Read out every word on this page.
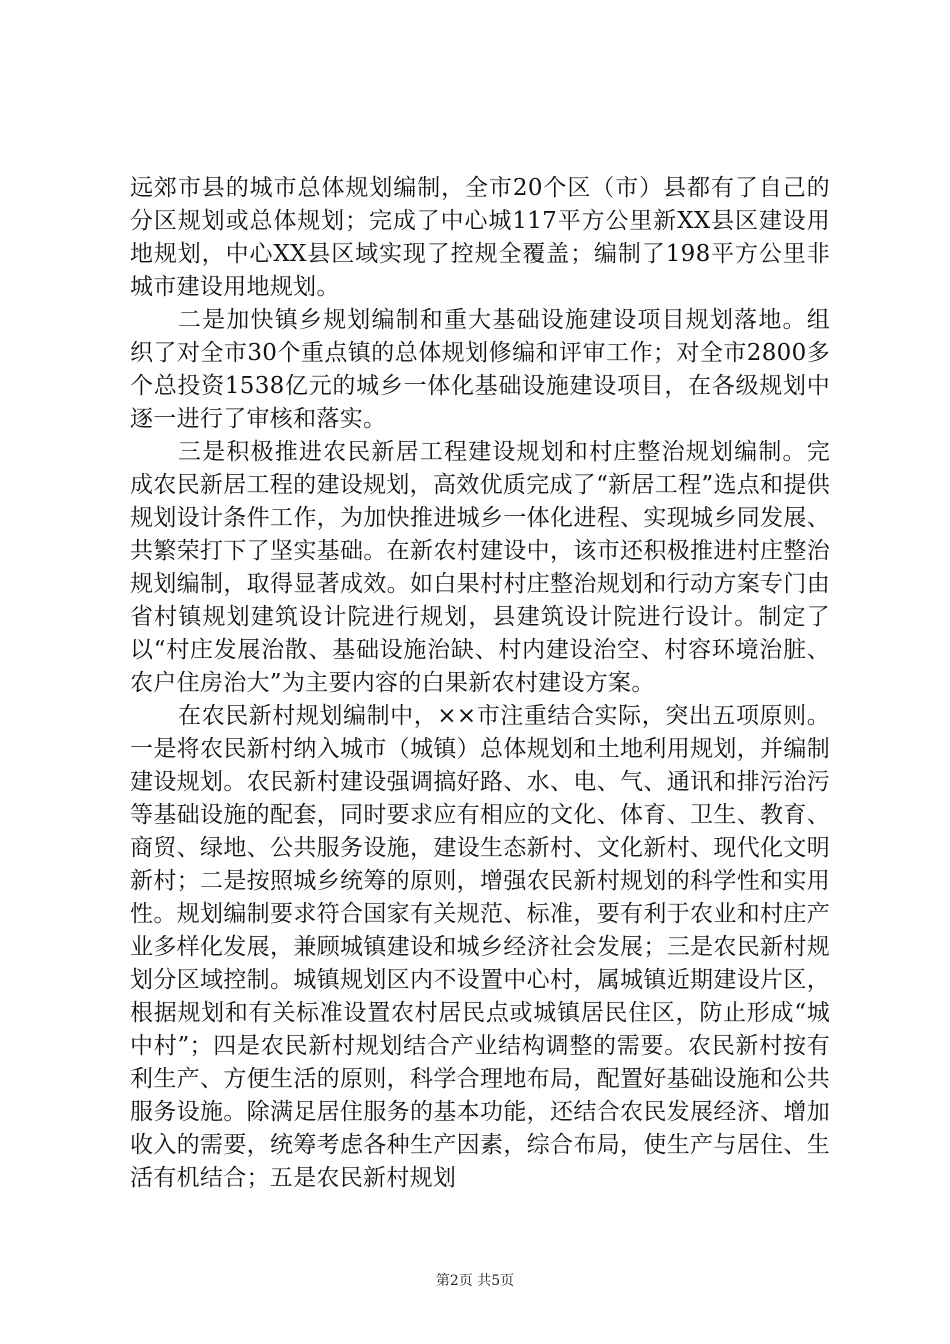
远郊市县的城市总体规划编制，全市20个区（市）县都有了自己的分区规划或总体规划；完成了中心城117平方公里新XX县区建设用地规划，中心XX县区域实现了控规全覆盖；编制了198平方公里非城市建设用地规划。

二是加快镇乡规划编制和重大基础设施建设项目规划落地。组织了对全市30个重点镇的总体规划修编和评审工作；对全市2800多个总投资1538亿元的城乡一体化基础设施建设项目，在各级规划中逐一进行了审核和落实。

三是积极推进农民新居工程建设规划和村庄整治规划编制。完成农民新居工程的建设规划，高效优质完成了“新居工程”选点和提供规划设计条件工作，为加快推进城乡一体化进程、实现城乡同发展、共繁荣打下了坚实基础。在新农村建设中，该市还积极推进村庄整治规划编制，取得显著成效。如白果村村庄整治规划和行动方案专门由省村镇规划建筑设计院进行规划，县建筑设计院进行设计。制定了以“村庄发展治散、基础设施治缺、村内建设治空、村容环境治脏、农户住房治大”为主要内容的白果新农村建设方案。

在农民新村规划编制中，××市注重结合实际，突出五项原则。一是将农民新村纳入城市（城镇）总体规划和土地利用规划，并编制建设规划。农民新村建设强调搞好路、水、电、气、通讯和排污治污等基础设施的配套，同时要求应有相应的文化、体育、卫生、教育、商贸、绿地、公共服务设施，建设生态新村、文化新村、现代化文明新村；二是按照城乡统筹的原则，增强农民新村规划的科学性和实用性。规划编制要求符合国家有关规范、标准，要有利于农业和村庄产业多样化发展，兼顾城镇建设和城乡经济社会发展；三是农民新村规划分区域控制。城镇规划区内不设置中心村，属城镇近期建设片区，根据规划和有关标准设置农村居民点或城镇居民住区，防止形成“城中村”；四是农民新村规划结合产业结构调整的需要。农民新村按有利生产、方便生活的原则，科学合理地布局，配置好基础设施和公共服务设施。除满足居住服务的基本功能，还结合农民发展经济、增加收入的需要，统筹考虑各种生产因素，综合布局，使生产与居住、生活有机结合；五是农民新村规划

第2页 共5页
